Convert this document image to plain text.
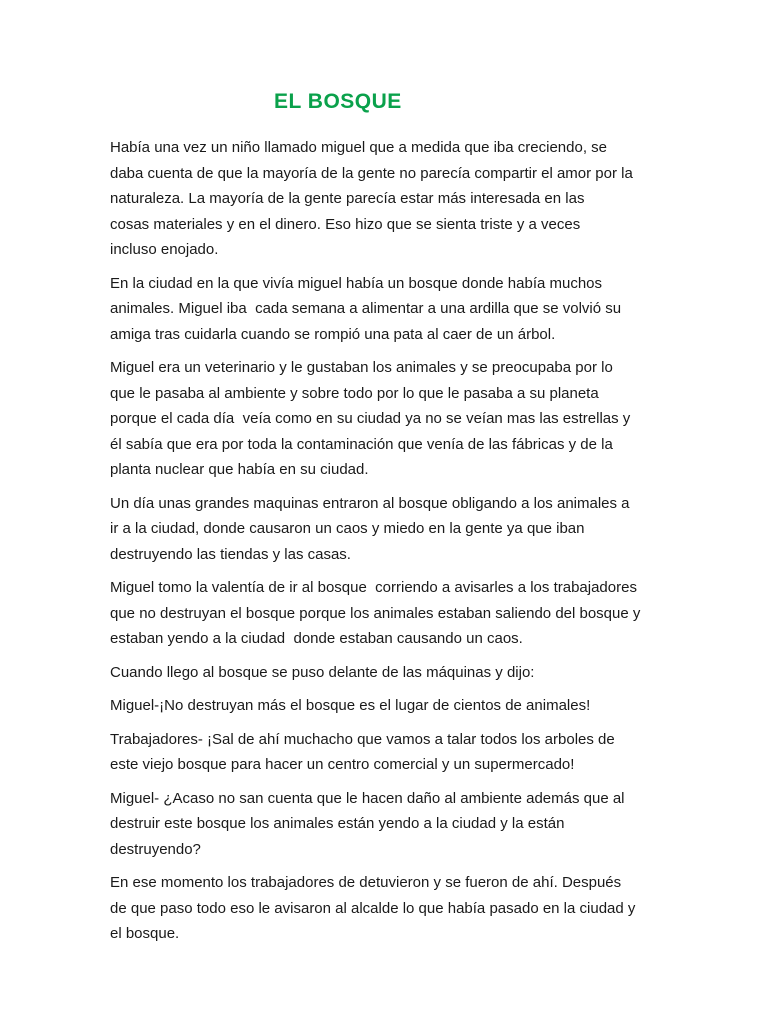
EL BOSQUE

Había una vez un niño llamado miguel que a medida que iba creciendo, se
daba cuenta de que la mayoría de la gente no parecía compartir el amor por la
naturaleza. La mayoría de la gente parecía estar más interesada en las
cosas materiales y en el dinero. Eso hizo que se sienta triste y a veces
incluso enojado.

En la ciudad en la que vivía miguel había un bosque donde había muchos
animales. Miguel iba  cada semana a alimentar a una ardilla que se volvió su
amiga tras cuidarla cuando se rompió una pata al caer de un árbol.

Miguel era un veterinario y le gustaban los animales y se preocupaba por lo
que le pasaba al ambiente y sobre todo por lo que le pasaba a su planeta
porque el cada día  veía como en su ciudad ya no se veían mas las estrellas y
él sabía que era por toda la contaminación que venía de las fábricas y de la
planta nuclear que había en su ciudad.

Un día unas grandes maquinas entraron al bosque obligando a los animales a
ir a la ciudad, donde causaron un caos y miedo en la gente ya que iban
destruyendo las tiendas y las casas.

Miguel tomo la valentía de ir al bosque  corriendo a avisarles a los trabajadores
que no destruyan el bosque porque los animales estaban saliendo del bosque y
estaban yendo a la ciudad  donde estaban causando un caos.

Cuando llego al bosque se puso delante de las máquinas y dijo:

Miguel-¡No destruyan más el bosque es el lugar de cientos de animales!

Trabajadores- ¡Sal de ahí muchacho que vamos a talar todos los arboles de
este viejo bosque para hacer un centro comercial y un supermercado!

Miguel- ¿Acaso no san cuenta que le hacen daño al ambiente además que al
destruir este bosque los animales están yendo a la ciudad y la están
destruyendo?

En ese momento los trabajadores de detuvieron y se fueron de ahí. Después
de que paso todo eso le avisaron al alcalde lo que había pasado en la ciudad y
el bosque.
